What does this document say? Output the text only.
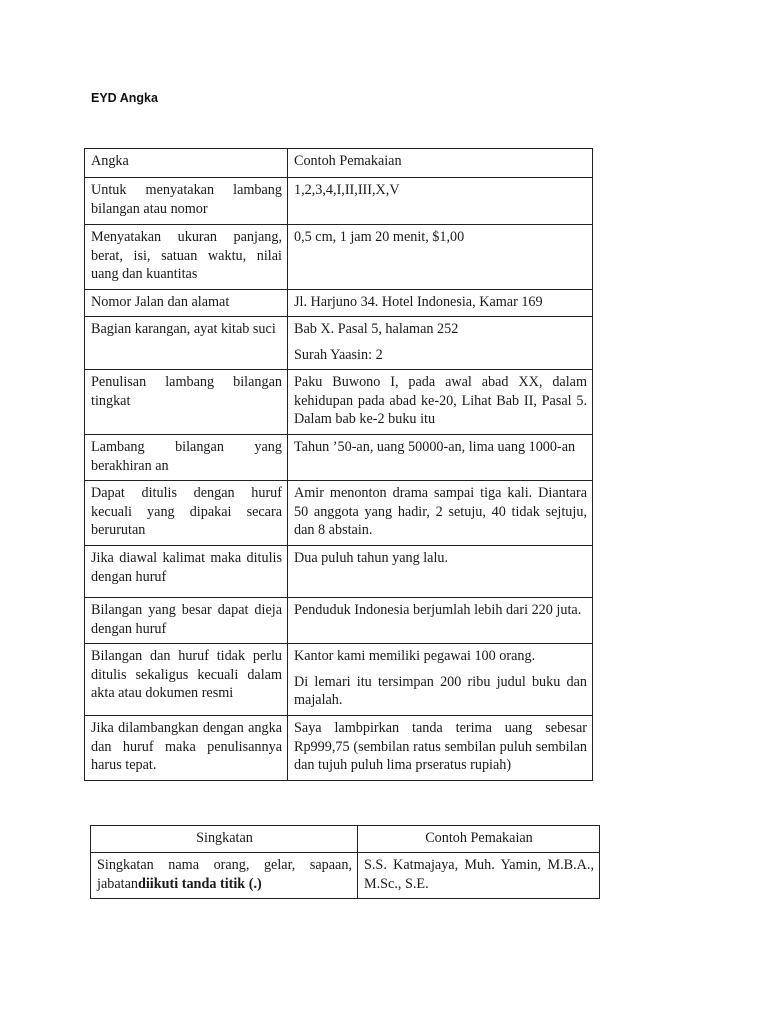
EYD Angka
Angka	Contoh Pemakaian
Untuk menyatakan lambang bilangan atau nomor	1,2,3,4,I,II,III,X,V

Menyatakan ukuran panjang, berat, isi, satuan waktu, nilai uang dan kuantitas	0,5 cm, 1 jam 20 menit, $1,00

Nomor Jalan dan alamat	Jl. Harjuno 34. Hotel Indonesia, Kamar 169

Bagian karangan, ayat kitab suci	Bab X. Pasal 5, halaman 252

Surah Yaasin: 2

Penulisan lambang bilangan tingkat	Paku Buwono I, pada awal abad XX, dalam kehidupan pada abad ke-20, Lihat Bab II, Pasal 5. Dalam bab ke-2 buku itu

Lambang bilangan yang berakhiran an	Tahun ’50-an, uang 50000-an, lima uang 1000-an

Dapat ditulis dengan huruf kecuali yang dipakai secara berurutan	Amir menonton drama sampai tiga kali. Diantara 50 anggota yang hadir, 2 setuju, 40 tidak sejtuju, dan 8 abstain.

Jika diawal kalimat maka ditulis dengan huruf	Dua puluh tahun yang lalu.

Bilangan yang besar dapat dieja dengan huruf	Penduduk Indonesia berjumlah lebih dari 220 juta.

Bilangan dan huruf tidak perlu ditulis sekaligus kecuali dalam akta atau dokumen resmi	Kantor kami memiliki pegawai 100 orang.

Di lemari itu tersimpan 200 ribu judul buku dan majalah.

Jika dilambangkan dengan angka dan huruf maka penulisannya harus tepat.	Saya lambpirkan tanda terima uang sebesar Rp999,75 (sembilan ratus sembilan puluh sembilan dan tujuh puluh lima prseratus rupiah)

Singkatan	Contoh Pemakaian
Singkatan nama orang, gelar, sapaan, jabatandiikuti tanda titik (.)	S.S. Katmajaya, Muh. Yamin, M.B.A., M.Sc., S.E.
